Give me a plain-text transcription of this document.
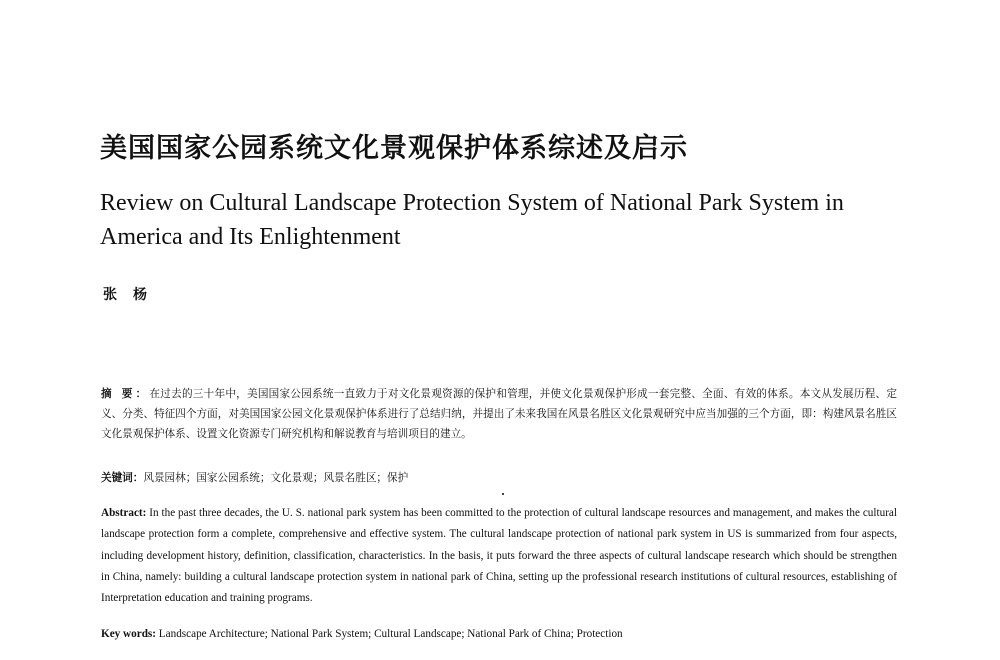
美国国家公园系统文化景观保护体系综述及启示
Review on Cultural Landscape Protection System of National Park System in America and Its Enlightenment
张杨
摘 要：在过去的三十年中，美国国家公园系统一直致力于对文化景观资源的保护和管理，并使文化景观保护形成一套完整、全面、有效的体系。本文从发展历程、定义、分类、特征四个方面，对美国国家公园文化景观保护体系进行了总结归纳，并提出了未来我国在风景名胜区文化景观研究中应当加强的三个方面，即：构建风景名胜区文化景观保护体系、设置文化资源专门研究机构和解说教育与培训项目的建立。
关键词：风景园林；国家公园系统；文化景观；风景名胜区；保护
Abstract: In the past three decades, the U. S. national park system has been committed to the protection of cultural landscape resources and management, and makes the cultural landscape protection form a complete, comprehensive and effective system. The cultural landscape protection of national park system in US is summarized from four aspects, including development history, definition, classification, characteristics. In the basis, it puts forward the three aspects of cultural landscape research which should be strengthen in China, namely: building a cultural landscape protection system in national park of China, setting up the professional research institutions of cultural resources, establishing of Interpretation education and training programs.
Key words: Landscape Architecture; National Park System; Cultural Landscape; National Park of China; Protection
